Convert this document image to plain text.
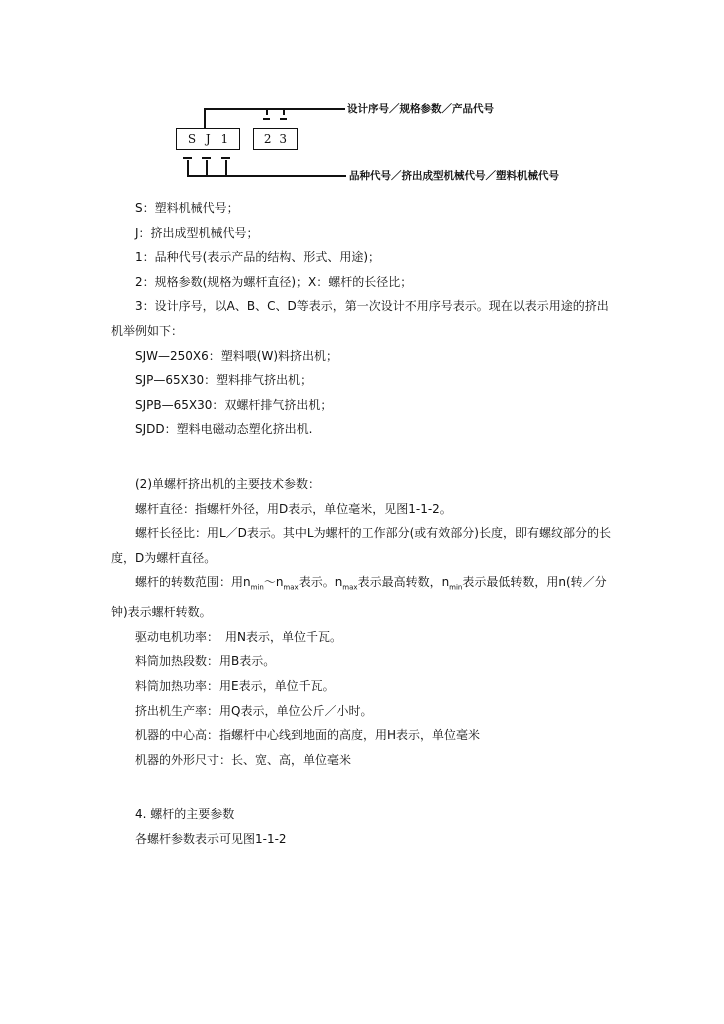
S J 1	2 3
设计序号／规格参数／产品代号
品种代号／挤出成型机械代号／塑料机械代号
S：塑料机械代号；
J：挤出成型机械代号；
1：品种代号(表示产品的结构、形式、用途)；
2：规格参数(规格为螺杆直径)；X：螺杆的长径比；
3：设计序号，以A、B、C、D等表示，第一次设计不用序号表示。现在以表示用途的挤出机举例如下：
SJW—250X6：塑料喂(W)料挤出机；
SJP—65X30：塑料排气挤出机；
SJPB—65X30：双螺杆排气挤出机；
SJDD：塑料电磁动态塑化挤出机.
(2)单螺杆挤出机的主要技术参数：
螺杆直径：指螺杆外径，用D表示，单位毫米，见图1-1-2。
螺杆长径比：用L／D表示。其中L为螺杆的工作部分(或有效部分)长度，即有螺纹部分的长度，D为螺杆直径。
螺杆的转数范围：用$n_{min}\sim n_{max}$表示。$n_{max}$表示最高转数，$n_{min}$表示最低转数，用n(转／分钟)表示螺杆转数。
驱动电机功率：　用N表示，单位千瓦。
料筒加热段数：用B表示。
料筒加热功率：用E表示，单位千瓦。
挤出机生产率：用Q表示，单位公斤／小时。
机器的中心高：指螺杆中心线到地面的高度，用H表示，单位毫米
机器的外形尺寸：长、宽、高，单位毫米
4. 螺杆的主要参数
各螺杆参数表示可见图1-1-2
